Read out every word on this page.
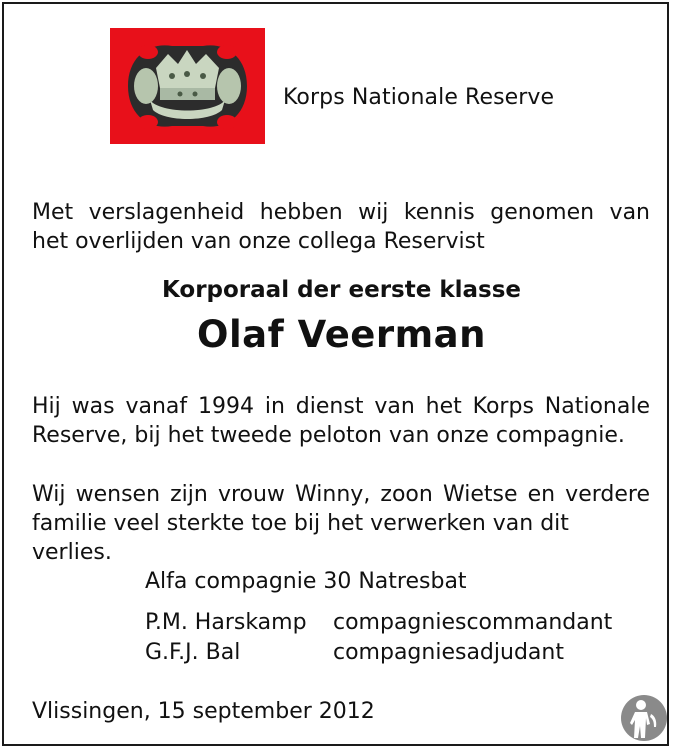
Korps Nationale Reserve
Met verslagenheid hebben wij kennis genomen van
het overlijden van onze collega Reservist
Korporaal der eerste klasse
Olaf Veerman
Hij was vanaf 1994 in dienst van het Korps Nationale
Reserve, bij het tweede peloton van onze compagnie.
Wij wensen zijn vrouw Winny, zoon Wietse en verdere
familie veel sterkte toe bij het verwerken van dit verlies.
Alfa compagnie 30 Natresbat
P.M. Harskamp compagniescommandant
G.F.J. Bal	compagniesadjudant
Vlissingen, 15 september 2012
